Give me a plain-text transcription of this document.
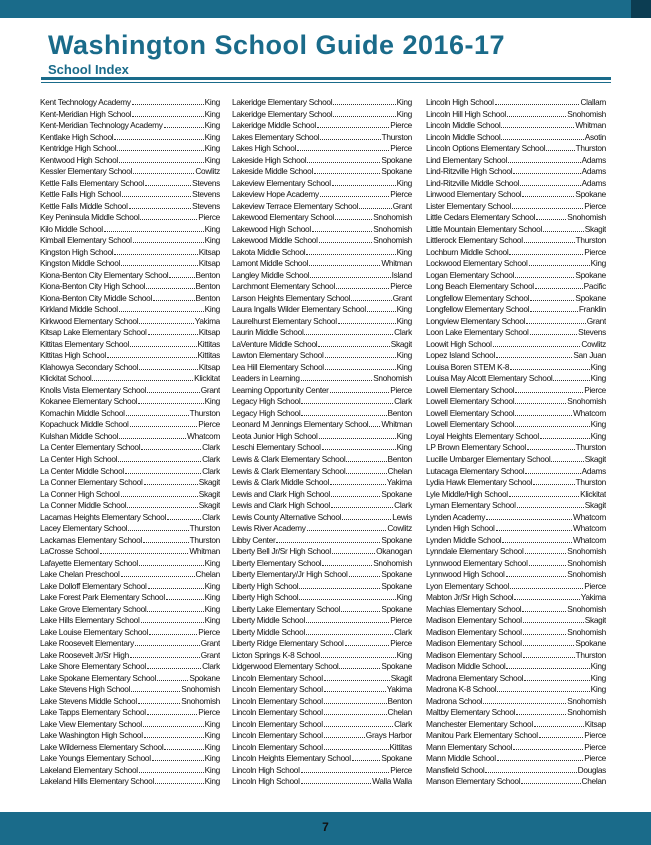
Washington School Guide 2016-17
School Index
Kent Technology Academy	King
Kent-Meridian High School	King
Kent-Meridian Technology Academy	King
Kentlake High School	King
Kentridge High School	King
Kentwood High School	King
Kessler Elementary School	Cowlitz
Kettle Falls Elementary School	Stevens
Kettle Falls High School	Stevens
Kettle Falls Middle School	Stevens
Key Peninsula Middle School	Pierce
Kilo Middle School	King
Kimball Elementary School	King
Kingston High School	Kitsap
Kingston Middle School	Kitsap
Kiona-Benton City Elementary School	Benton
Kiona-Benton City High School	Benton
Kiona-Benton City Middle School	Benton
Kirkland Middle School	King
Kirkwood Elementary School	Yakima
Kitsap Lake Elementary School	Kitsap
Kittitas Elementary School	Kittitas
Kittitas High School	Kittitas
Klahowya Secondary School	Kitsap
Klickitat School	Klickitat
Knolls Vista Elementary School	Grant
Kokanee Elementary School	King
Komachin Middle School	Thurston
Kopachuck Middle School	Pierce
Kulshan Middle School	Whatcom
La Center Elementary School	Clark
La Center High School	Clark
La Center Middle School	Clark
La Conner Elementary School	Skagit
La Conner High School	Skagit
La Conner Middle School	Skagit
Lacamas Heights Elementary School	Clark
Lacey Elementary School	Thurston
Lackamas Elementary School	Thurston
LaCrosse School	Whitman
Lafayette Elementary School	King
Lake Chelan Preschool	Chelan
Lake Dolloff Elementary School	King
Lake Forest Park Elementary School	King
Lake Grove Elementary School	King
Lake Hills Elementary School	King
Lake Louise Elementary School	Pierce
Lake Roosevelt Elementary	Grant
Lake Roosevelt Jr/Sr High	Grant
Lake Shore Elementary School	Clark
Lake Spokane Elementary School	Spokane
Lake Stevens High School	Snohomish
Lake Stevens Middle School	Snohomish
Lake Tapps Elementary School	Pierce
Lake View Elementary School	King
Lake Washington High School	King
Lake Wilderness Elementary School	King
Lake Youngs Elementary School	King
Lakeland Elementary School	King
Lakeland Hills Elementary School	King
Lakeridge Elementary School	King
Lakeridge Elementary School	King
Lakeridge Middle School	Pierce
Lakes Elementary School	Thurston
Lakes High School	Pierce
Lakeside High School	Spokane
Lakeside Middle School	Spokane
Lakeview Elementary School	King
Lakeview Hope Academy	Pierce
Lakeview Terrace Elementary School	Grant
Lakewood Elementary School	Snohomish
Lakewood High School	Snohomish
Lakewood Middle School	Snohomish
Lakota Middle School	King
Lamont Middle School	Whitman
Langley Middle School	Island
Larchmont Elementary School	Pierce
Larson Heights Elementary School	Grant
Laura Ingalls Wilder Elementary School	King
Laurelhurst Elementary School	King
Laurin Middle School	Clark
LaVenture Middle School	Skagit
Lawton Elementary School	King
Lea Hill Elementary School	King
Leaders in Learning	Snohomish
Learning Opportunity Center	Pierce
Legacy High School	Clark
Legacy High School	Benton
Leonard M Jennings Elementary School Whitman
Leota Junior High School	King
Leschi Elementary School	King
Lewis & Clark Elementary School	Benton
Lewis & Clark Elementary School	Chelan
Lewis & Clark Middle School	Yakima
Lewis and Clark High School	Spokane
Lewis and Clark High School	Clark
Lewis County Alternative School	Lewis
Lewis River Academy	Cowlitz
Libby Center	Spokane
Liberty Bell Jr/Sr High School	Okanogan
Liberty Elementary School	Snohomish
Liberty Elementary/Jr High School	Spokane
Liberty High School	Spokane
Liberty High School	King
Liberty Lake Elementary School	Spokane
Liberty Middle School	Pierce
Liberty Middle School	Clark
Liberty Ridge Elementary School	Pierce
Licton Springs K-8 School	King
Lidgerwood Elementary School	Spokane
Lincoln Elementary School	Skagit
Lincoln Elementary School	Yakima
Lincoln Elementary School	Benton
Lincoln Elementary School	Chelan
Lincoln Elementary School	Clark
Lincoln Elementary School	Grays Harbor
Lincoln Elementary School	Kittitas
Lincoln Heights Elementary School	Spokane
Lincoln High School	Pierce
Lincoln High School	Walla Walla
Lincoln High School	Clallam
Lincoln Hill High School	Snohomish
Lincoln Middle School	Whitman
Lincoln Middle School	Asotin
Lincoln Options Elementary School	Thurston
Lind Elementary School	Adams
Lind-Ritzville High School	Adams
Lind-Ritzville Middle School	Adams
Linwood Elementary School	Spokane
Lister Elementary School	Pierce
Little Cedars Elementary School	Snohomish
Little Mountain Elementary School	Skagit
Littlerock Elementary School	Thurston
Lochburn Middle School	Pierce
Lockwood Elementary School	King
Logan Elementary School	Spokane
Long Beach Elementary School	Pacific
Longfellow Elementary School	Spokane
Longfellow Elementary School	Franklin
Longview Elementary School	Grant
Loon Lake Elementary School	Stevens
Loowit High School	Cowlitz
Lopez Island School	San Juan
Louisa Boren STEM K-8	King
Louisa May Alcott Elementary School	King
Lowell Elementary School	Pierce
Lowell Elementary School	Snohomish
Lowell Elementary School	Whatcom
Lowell Elementary School	King
Loyal Heights Elementary School	King
LP Brown Elementary School	Thurston
Lucille Umbarger Elementary School	Skagit
Lutacaga Elementary School	Adams
Lydia Hawk Elementary School	Thurston
Lyle Middle/High School	Klickitat
Lyman Elementary School	Skagit
Lynden Academy	Whatcom
Lynden High School	Whatcom
Lynden Middle School	Whatcom
Lynndale Elementary School	Snohomish
Lynnwood Elementary School	Snohomish
Lynnwood High School	Snohomish
Lyon Elementary School	Pierce
Mabton Jr/Sr High School	Yakima
Machias Elementary School	Snohomish
Madison Elementary School	Skagit
Madison Elementary School	Snohomish
Madison Elementary School	Spokane
Madison Elementary School	Thurston
Madison Middle School	King
Madrona Elementary School	King
Madrona K-8 School	King
Madrona School	Snohomish
Maltby Elementary School	Snohomish
Manchester Elementary School	Kitsap
Manitou Park Elementary School	Pierce
Mann Elementary School	Pierce
Mann Middle School	Pierce
Mansfield School	Douglas
Manson Elementary School	Chelan
7
